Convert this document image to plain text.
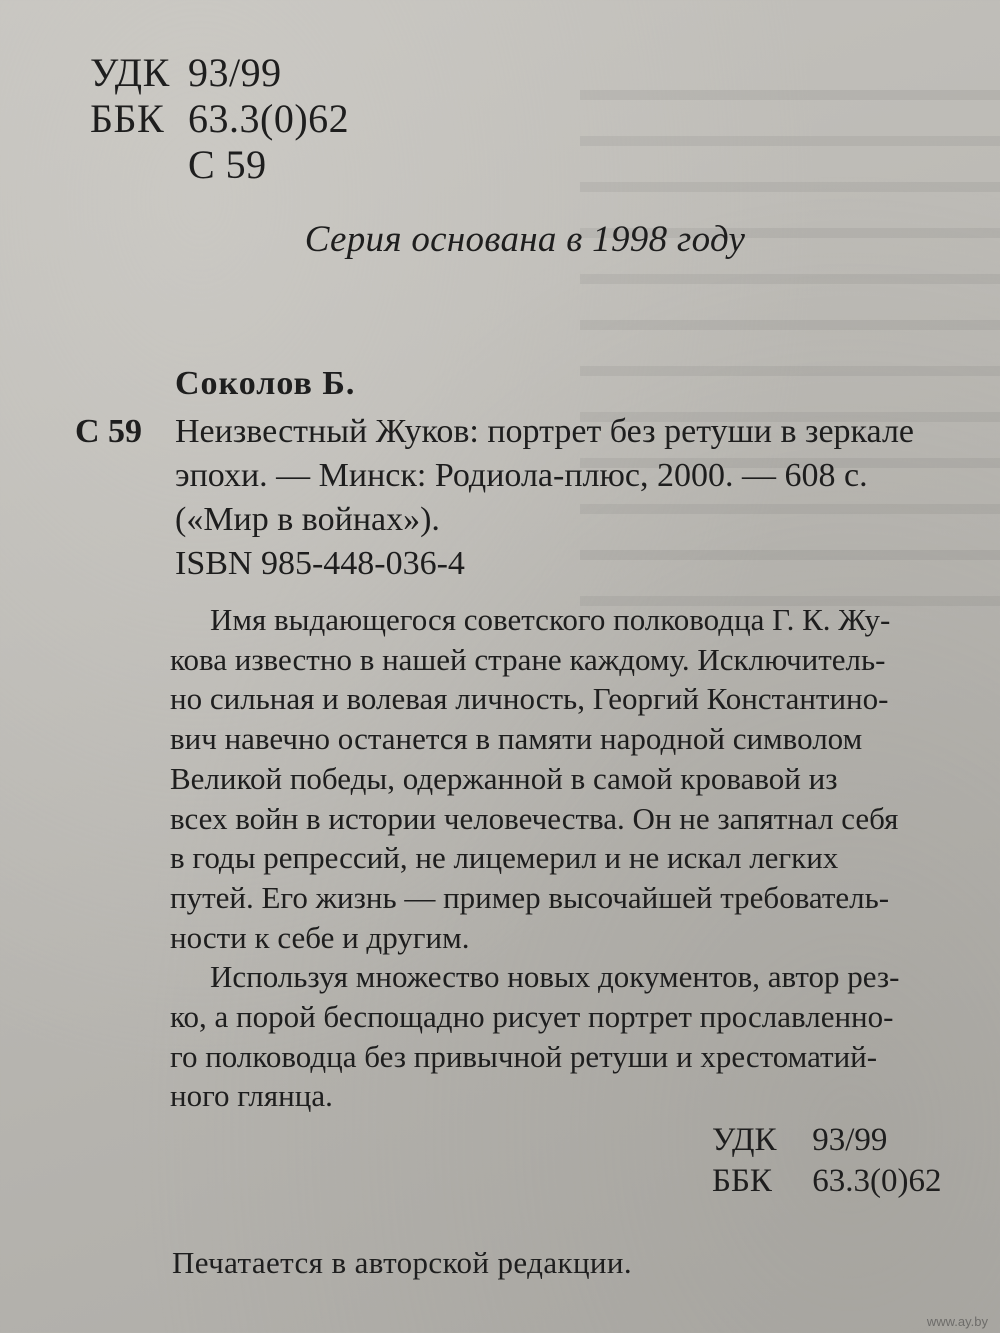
УДК 93/99
ББК 63.3(0)62
С 59
Серия основана в 1998 году
Соколов Б.
С 59 Неизвестный Жуков: портрет без ретуши в зеркале
эпохи. — Минск: Родиола-плюс, 2000. — 608 с.
(«Мир в войнах»).
ISBN 985-448-036-4
Имя выдающегося советского полководца Г. К. Жу-
кова известно в нашей стране каждому. Исключитель-
но сильная и волевая личность, Георгий Константино-
вич навечно останется в памяти народной символом
Великой победы, одержанной в самой кровавой из
всех войн в истории человечества. Он не запятнал себя
в годы репрессий, не лицемерил и не искал легких
путей. Его жизнь — пример высочайшей требователь-
ности к себе и другим.
Используя множество новых документов, автор рез-
ко, а порой беспощадно рисует портрет прославленно-
го полководца без привычной ретуши и хрестоматий-
ного глянца.
УДК 93/99
ББК 63.3(0)62
Печатается в авторской редакции.
www.ay.by
